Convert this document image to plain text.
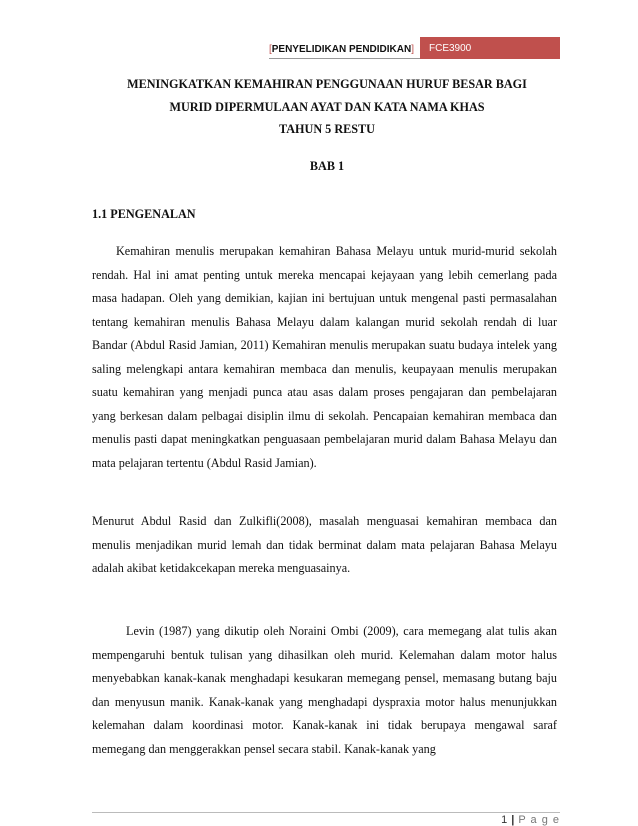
[ PENYELIDIKAN PENDIDIKAN ]	FCE3900
MENINGKATKAN KEMAHIRAN PENGGUNAAN HURUF BESAR BAGI
MURID DIPERMULAAN AYAT DAN KATA NAMA KHAS
TAHUN 5 RESTU
BAB 1
1.1 PENGENALAN

Kemahiran menulis merupakan kemahiran Bahasa Melayu untuk murid-murid sekolah rendah. Hal ini amat penting untuk mereka mencapai kejayaan yang lebih cemerlang pada masa hadapan. Oleh yang demikian, kajian ini bertujuan untuk mengenal pasti permasalahan tentang kemahiran menulis Bahasa Melayu dalam kalangan murid sekolah rendah di luar Bandar (Abdul Rasid Jamian, 2011) Kemahiran menulis merupakan suatu budaya intelek yang saling melengkapi antara kemahiran membaca dan menulis, keupayaan menulis merupakan suatu kemahiran yang menjadi punca atau asas dalam proses pengajaran dan pembelajaran yang berkesan dalam pelbagai disiplin ilmu di sekolah. Pencapaian kemahiran membaca dan menulis pasti dapat meningkatkan penguasaan pembelajaran murid dalam Bahasa Melayu dan mata pelajaran tertentu (Abdul Rasid Jamian).

Menurut Abdul Rasid dan Zulkifli(2008), masalah menguasai kemahiran membaca dan menulis menjadikan murid lemah dan tidak berminat dalam mata pelajaran Bahasa Melayu adalah akibat ketidakcekapan mereka menguasainya.

Levin (1987) yang dikutip oleh Noraini Ombi (2009), cara memegang alat tulis akan mempengaruhi bentuk tulisan yang dihasilkan oleh murid. Kelemahan dalam motor halus menyebabkan kanak-kanak menghadapi kesukaran memegang pensel, memasang butang baju dan menyusun manik. Kanak-kanak yang menghadapi dyspraxia motor halus menunjukkan kelemahan dalam koordinasi motor. Kanak-kanak ini tidak berupaya mengawal saraf memegang dan menggerakkan pensel secara stabil. Kanak-kanak yang

1 | P a g e
